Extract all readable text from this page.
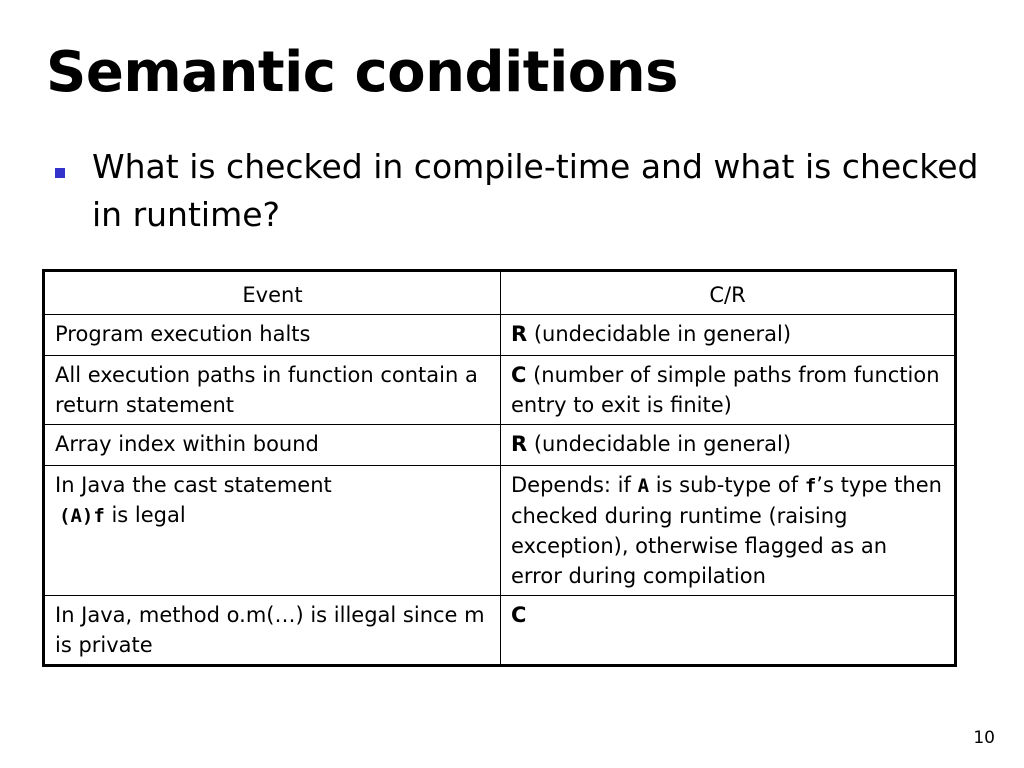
Semantic conditions
What is checked in compile-time and what is checked in runtime?
Event	C/R
Program execution halts	R (undecidable in general)
All execution paths in function contain a return statement	C (number of simple paths from function entry to exit is finite)
Array index within bound	R (undecidable in general)

In Java the cast statement
(A)f is legal	Depends: if A is sub-type of f’s type then checked during runtime (raising exception), otherwise flagged as an error during compilation
In Java, method o.m(…) is illegal since m is private	C
10
